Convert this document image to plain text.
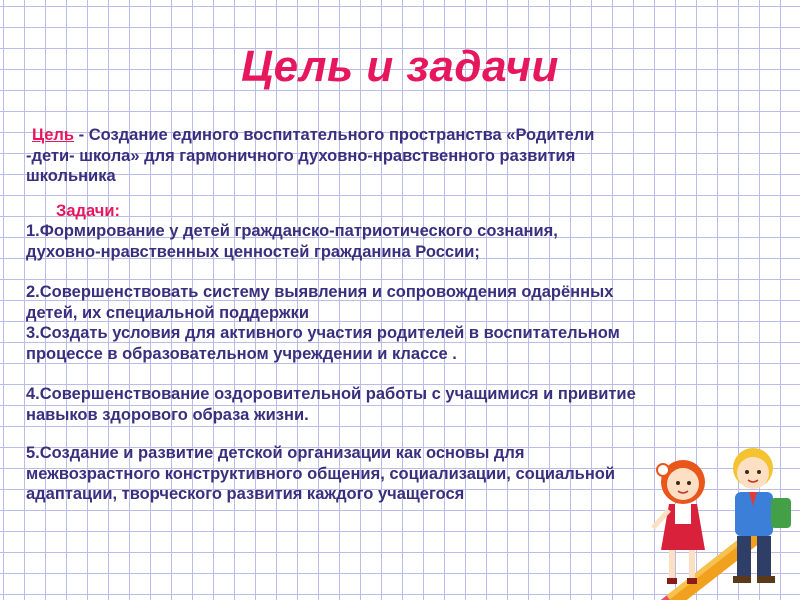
Цель и задачи

Цель - Создание единого воспитательного пространства «Родители -дети- школа» для гармоничного духовно-нравственного развития школьника

Задачи:

1.Формирование у детей гражданско-патриотического сознания, духовно-нравственных ценностей гражданина России;

2.Совершенствовать систему выявления и сопровождения одарённых детей, их специальной поддержки

3.Создать условия для активного участия родителей в воспитательном процессе в образовательном учреждении и классе .

4.Совершенствование оздоровительной работы с учащимися и привитие навыков здорового образа жизни.

5.Создание и развитие детской организации как основы для межвозрастного конструктивного общения, социализации, социальной адаптации, творческого развития каждого учащегося
